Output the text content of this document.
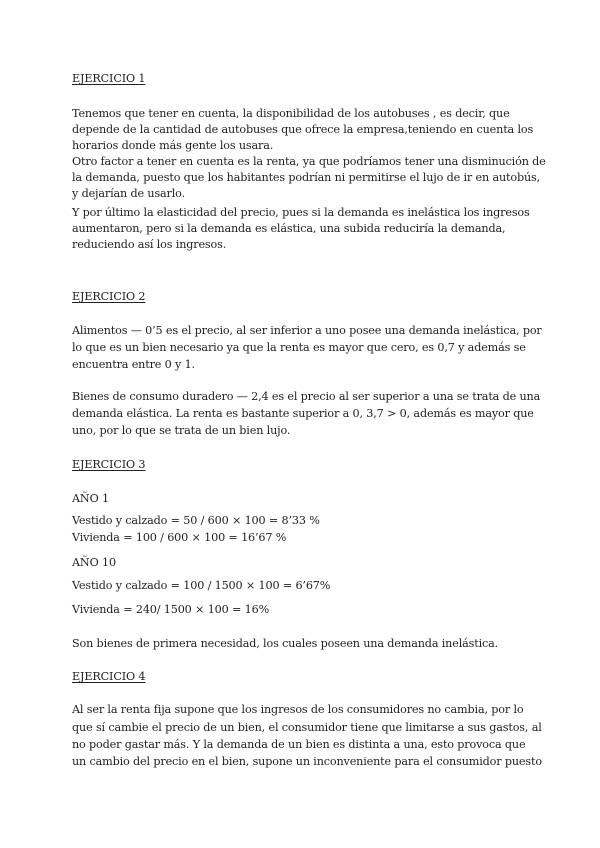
EJERCICIO 1
Tenemos que tener en cuenta, la disponibilidad de los autobuses , es decir, que
depende de la cantidad de autobuses que ofrece la empresa,teniendo en cuenta los
horarios donde más gente los usara.
Otro factor a tener en cuenta es la renta, ya que podríamos tener una disminución de
la demanda, puesto que los habitantes podrían ni permitirse el lujo de ir en autobús,
y dejarían de usarlo.
Y por último la elasticidad del precio, pues si la demanda es inelástica los ingresos
aumentaron, pero si la demanda es elástica, una subida reduciría la demanda,
reduciendo así los ingresos.
EJERCICIO 2
Alimentos — 0’5 es el precio, al ser inferior a uno posee una demanda inelástica, por
lo que es un bien necesario ya que la renta es mayor que cero, es 0,7 y además se
encuentra entre 0 y 1.
Bienes de consumo duradero — 2,4 es el precio al ser superior a una se trata de una
demanda elástica. La renta es bastante superior a 0, 3,7 > 0, además es mayor que
uno, por lo que se trata de un bien lujo.
EJERCICIO 3
AÑO 1
Vestido y calzado = 50 / 600 × 100 = 8’33 %
Vivienda = 100 / 600 × 100 = 16’67 %
AÑO 10
Vestido y calzado = 100 / 1500 × 100 = 6’67%
Vivienda = 240/ 1500 × 100 = 16%
Son bienes de primera necesidad, los cuales poseen una demanda inelástica.
EJERCICIO 4
Al ser la renta fija supone que los ingresos de los consumidores no cambia, por lo
que sí cambie el precio de un bien, el consumidor tiene que limitarse a sus gastos, al
no poder gastar más. Y la demanda de un bien es distinta a una, esto provoca que
un cambio del precio en el bien, supone un inconveniente para el consumidor puesto
